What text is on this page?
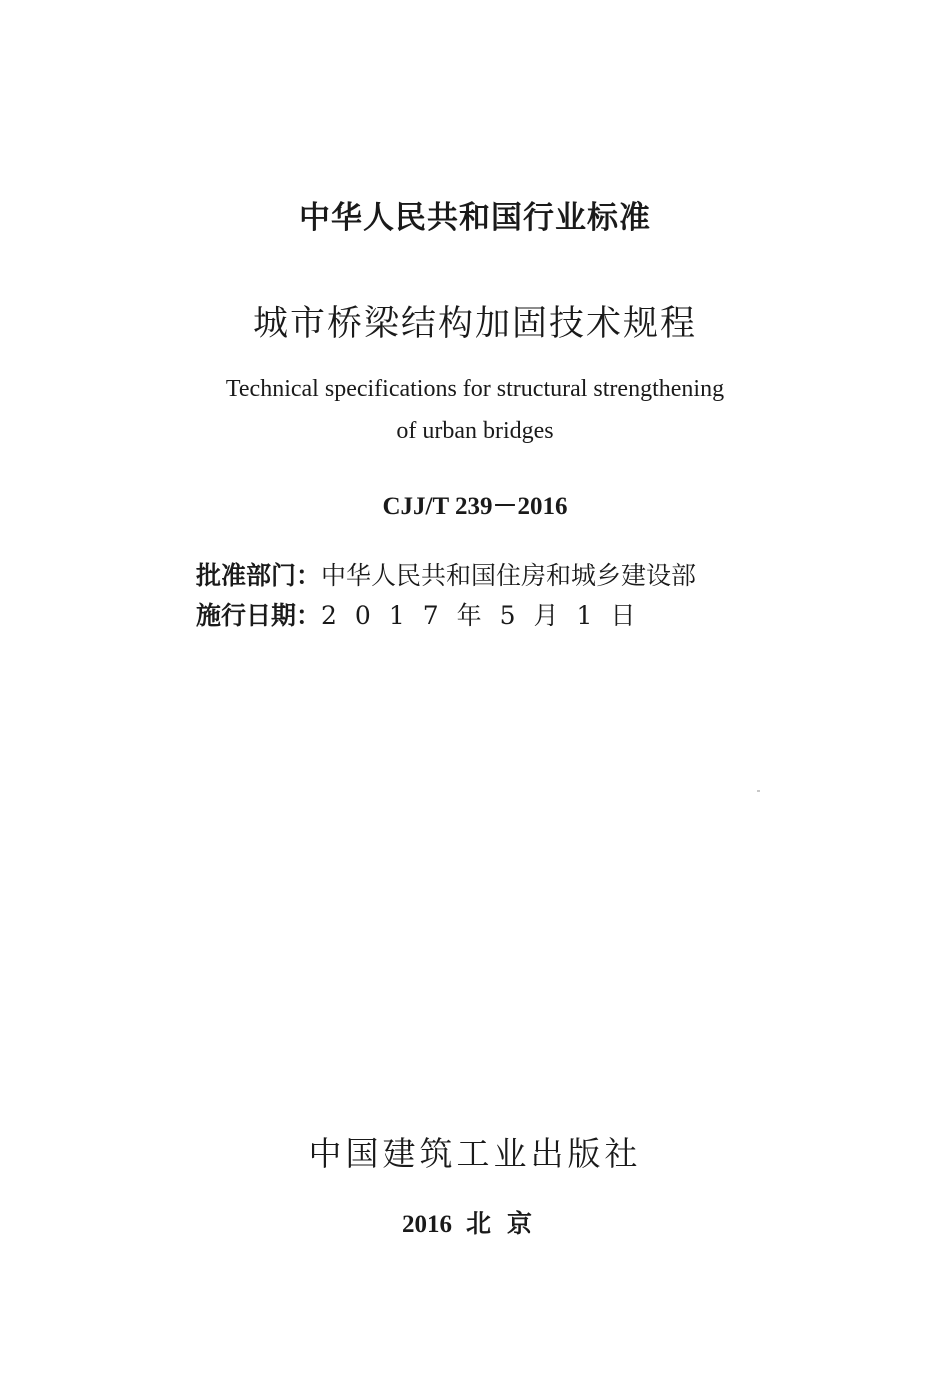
中华人民共和国行业标准
城市桥梁结构加固技术规程
Technical specifications for structural strengthening
of urban bridges
CJJ/T 239－2016
批准部门：中华人民共和国住房和城乡建设部
施行日期：2017年5月1日
中国建筑工业出版社
2016 北京
